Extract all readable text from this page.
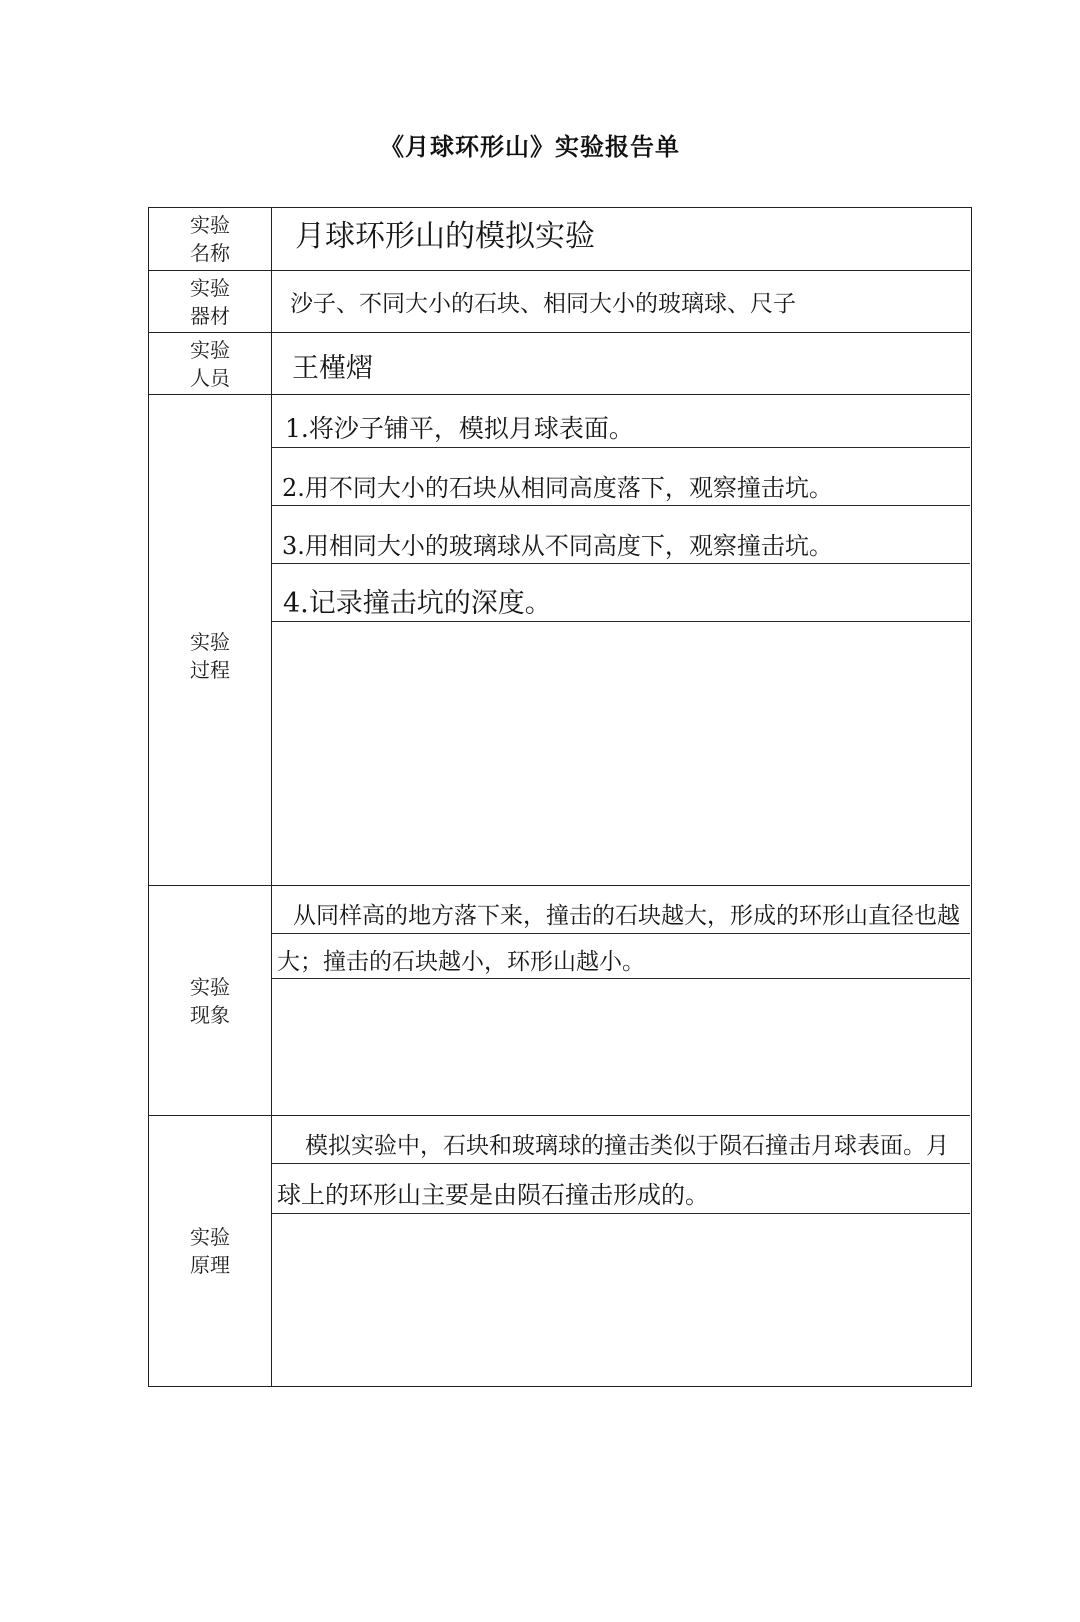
《月球环形山》实验报告单
实验
名称 月球环形山的模拟实验
实验
器材	沙子、不同大小的石块、相同大小的玻璃球、尺子
实验
人员 王槿熠
实验
过程
1.将沙子铺平，模拟月球表面。
2.用不同大小的石块从相同高度落下，观察撞击坑。
3.用相同大小的玻璃球从不同高度下，观察撞击坑。
4.记录撞击坑的深度。
实验
现象
从同样高的地方落下来，撞击的石块越大，形成的环形山直径也越
大；撞击的石块越小，环形山越小。
实验
原理
模拟实验中，石块和玻璃球的撞击类似于陨石撞击月球表面。月
球上的环形山主要是由陨石撞击形成的。
